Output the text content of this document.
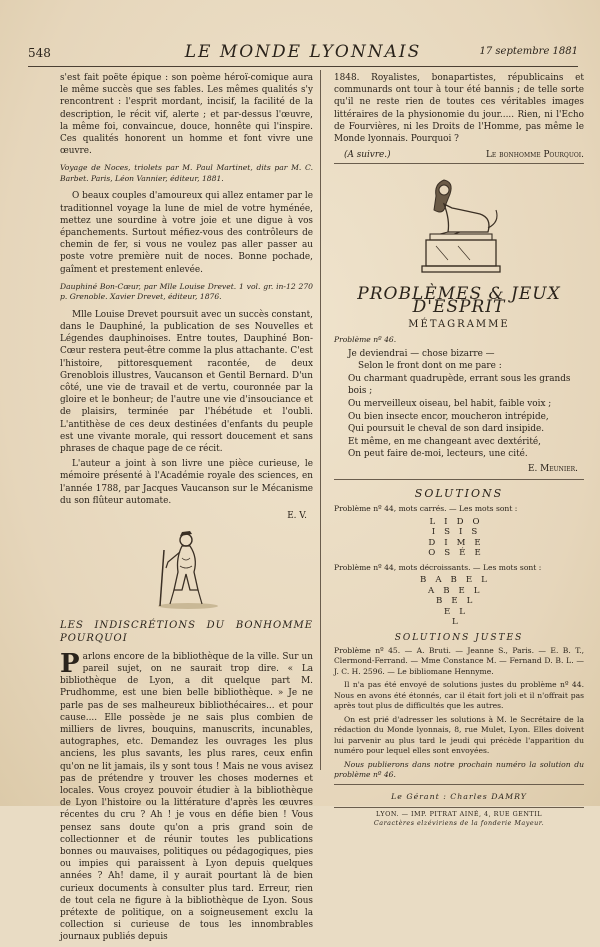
548	LE MONDE LYONNAIS	17 septembre 1881

s'est fait poëte épique : son poème héroï-comique aura le même succès que ses fables. Les mêmes qualités s'y rencontrent : l'esprit mordant, incisif, la facilité de la description, le récit vif, alerte ; et par-dessus l'œuvre, la même foi, convaincue, douce, honnête qui l'inspire. Ces qualités honorent un homme et font vivre une œuvre.

Voyage de Noces, triolets par M. Paul Martinet, dits par M. C. Barbet. Paris, Léon Vannier, éditeur, 1881.

O beaux couples d'amoureux qui allez entamer par le traditionnel voyage la lune de miel de votre hyménée, mettez une sourdine à votre joie et une digue à vos épanchements. Surtout méfiez-vous des contrôleurs de chemin de fer, si vous ne voulez pas aller passer au poste votre première nuit de noces. Bonne pochade, gaîment et prestement enlevée.

Dauphiné Bon-Cœur, par Mlle Louise Drevet. 1 vol. gr. in-12 270 p. Grenoble. Xavier Drevet, éditeur, 1876.

Mlle Louise Drevet poursuit avec un succès constant, dans le Dauphiné, la publication de ses Nouvelles et Légendes dauphinoises. Entre toutes, Dauphiné Bon-Cœur restera peut-être comme la plus attachante. C'est l'histoire, pittoresquement racontée, de deux Grenoblois illustres, Vaucanson et Gentil Bernard. D'un côté, une vie de travail et de vertu, couronnée par la gloire et le bonheur; de l'autre une vie d'insouciance et de plaisirs, terminée par l'hébétude et l'oubli. L'antithèse de ces deux destinées d'enfants du peuple est une vivante morale, qui ressort doucement et sans phrases de chaque page de ce récit.

L'auteur a joint à son livre une pièce curieuse, le mémoire présenté à l'Académie royale des sciences, en l'année 1788, par Jacques Vaucanson sur le Mécanisme du son flûteur automate.

E. V.
LES INDISCRÉTIONS DU BONHOMME POURQUOI

Parlons encore de la bibliothèque de la ville. Sur un pareil sujet, on ne saurait trop dire. « La bibliothèque de Lyon, a dit quelque part M. Prudhomme, est une bien belle bibliothèque. » Je ne parle pas de ses malheureux bibliothécaires... et pour cause.... Elle possède je ne sais plus combien de milliers de livres, bouquins, manuscrits, incunables, autographes, etc. Demandez les ouvrages les plus anciens, les plus savants, les plus rares, ceux enfin qu'on ne lit jamais, ils y sont tous ! Mais ne vous avisez pas de prétendre y trouver les choses modernes et locales. Vous croyez pouvoir étudier à la bibliothèque de Lyon l'histoire ou la littérature d'après les œuvres récentes du cru ? Ah ! je vous en défie bien ! Vous pensez sans doute qu'on a pris grand soin de collectionner et de réunir toutes les publications bonnes ou mauvaises, politiques ou pédagogiques, pies ou impies qui paraissent à Lyon depuis quelques années ? Ah! dame, il y aurait pourtant là de bien curieux documents à consulter plus tard. Erreur, rien de tout cela ne figure à la bibliothèque de Lyon. Sous prétexte de politique, on a soigneusement exclu la collection si curieuse de tous les innombrables journaux publiés depuis

1848. Royalistes, bonapartistes, républicains et communards ont tour à tour été bannis ; de telle sorte qu'il ne reste rien de toutes ces véritables images littéraires de la physionomie du jour..... Rien, ni l'Echo de Fourvières, ni les Droits de l'Homme, pas même le Monde lyonnais. Pourquoi ?

(A suivre.)	Le bonhomme Pourquoi.
PROBLÈMES & JEUX D'ESPRIT
MÉTAGRAMME
Problème nº 46.
Je deviendrai — chose bizarre —
Selon le front dont on me pare :
Ou charmant quadrupède, errant sous les grands bois ;
Ou merveilleux oiseau, bel habit, faible voix ;
Ou bien insecte encor, moucheron intrépide,
Qui poursuit le cheval de son dard insipide.
Et même, en me changeant avec dextérité,
On peut faire de-moi, lecteurs, une cité.
E. Meunier.
SOLUTIONS
Problème nº 44, mots carrés. — Les mots sont :
LIDO
ISIS
DIME
OSÉE
Problème nº 44, mots décroissants. — Les mots sont :
BABEL
ABEL
BEL
EL
L
SOLUTIONS JUSTES

Problème nº 45. — A. Bruti. — Jeanne S., Paris. — E. B. T., Clermond-Ferrand. — Mme Constance M. — Fernand D. B. L. — J. C. H. 2596. — Le bibliomane Hennyme.

Il n'a pas été envoyé de solutions justes du problème nº 44. Nous en avons été étonnés, car il était fort joli et il n'offrait pas après tout plus de difficultés que les autres.

On est prié d'adresser les solutions à M. le Secrétaire de la rédaction du Monde lyonnais, 8, rue Mulet, Lyon. Elles doivent lui parvenir au plus tard le jeudi qui précède l'apparition du numéro pour lequel elles sont envoyées.

Nous publierons dans notre prochain numéro la solution du problème nº 46.

Le Gérant : Charles DAMRY
LYON. — IMP. PITRAT AINÉ, 4, RUE GENTIL
Caractères elzéviriens de la fonderie Mayeur.
